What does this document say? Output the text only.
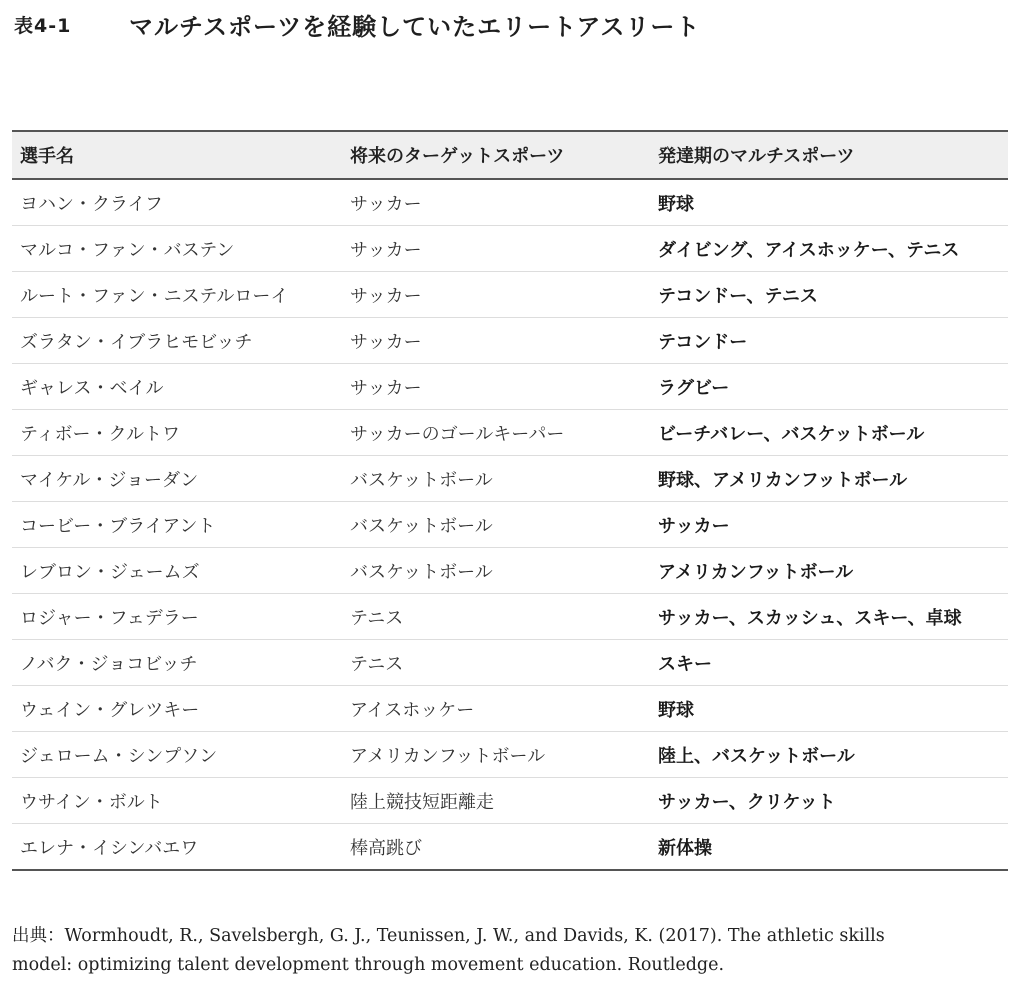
表4-1	マルチスポーツを経験していたエリートアスリート
選手名	将来のターゲットスポーツ	発達期のマルチスポーツ
ヨハン・クライフ	サッカー	野球
マルコ・ファン・バステン	サッカー	ダイビング、アイスホッケー、テニス
ルート・ファン・ニステルローイ	サッカー	テコンドー、テニス
ズラタン・イブラヒモビッチ	サッカー	テコンドー
ギャレス・ベイル	サッカー	ラグビー
ティボー・クルトワ	サッカーのゴールキーパー	ビーチバレー、バスケットボール
マイケル・ジョーダン	バスケットボール	野球、アメリカンフットボール
コービー・ブライアント	バスケットボール	サッカー
レブロン・ジェームズ	バスケットボール	アメリカンフットボール
ロジャー・フェデラー	テニス	サッカー、スカッシュ、スキー、卓球
ノバク・ジョコビッチ	テニス	スキー
ウェイン・グレツキー	アイスホッケー	野球
ジェローム・シンプソン	アメリカンフットボール	陸上、バスケットボール
ウサイン・ボルト	陸上競技短距離走	サッカー、クリケット
エレナ・イシンバエワ	棒高跳び	新体操
出典：Wormhoudt, R., Savelsbergh, G. J., Teunissen, J. W., and Davids, K. (2017). The athletic skills
model: optimizing talent development through movement education. Routledge.
